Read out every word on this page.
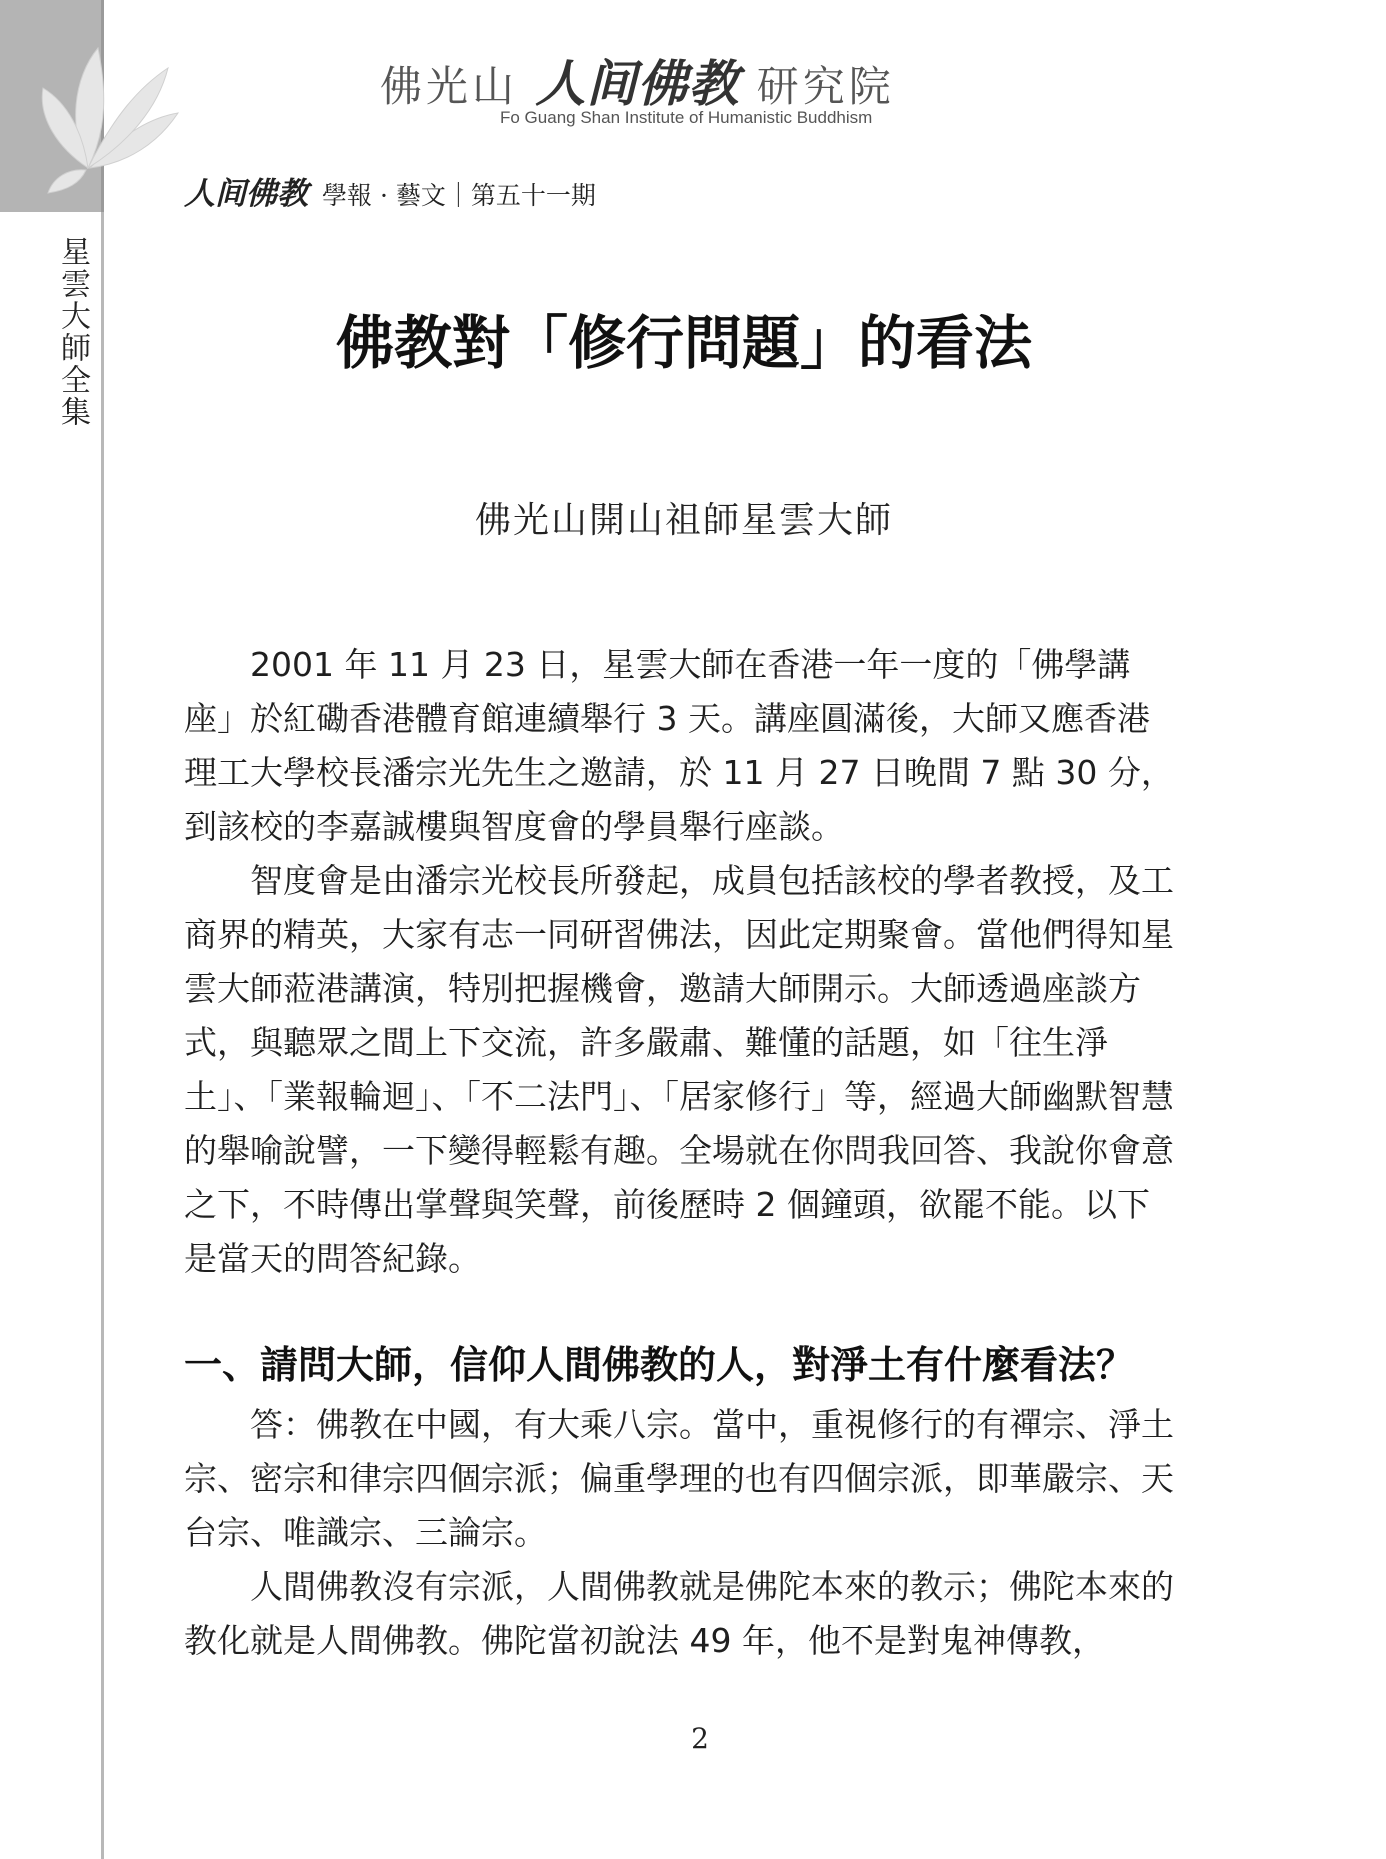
星雲大師全集
佛光山 人间佛教 研究院
Fo Guang Shan Institute of Humanistic Buddhism
人间佛教 學報 · 藝文｜第五十一期
佛教對「修行問題」的看法
佛光山開山祖師星雲大師

2001 年 11 月 23 日，星雲大師在香港一年一度的「佛學講座」於紅磡香港體育館連續舉行 3 天。講座圓滿後，大師又應香港理工大學校長潘宗光先生之邀請，於 11 月 27 日晚間 7 點 30 分，到該校的李嘉誠樓與智度會的學員舉行座談。

智度會是由潘宗光校長所發起，成員包括該校的學者教授，及工商界的精英，大家有志一同研習佛法，因此定期聚會。當他們得知星雲大師蒞港講演，特別把握機會，邀請大師開示。大師透過座談方式，與聽眾之間上下交流，許多嚴肅、難懂的話題，如「往生淨土」、「業報輪迴」、「不二法門」、「居家修行」等，經過大師幽默智慧的舉喻說譬，一下變得輕鬆有趣。全場就在你問我回答、我說你會意之下，不時傳出掌聲與笑聲，前後歷時 2 個鐘頭，欲罷不能。以下是當天的問答紀錄。

一、請問大師，信仰人間佛教的人，對淨土有什麼看法？

答：佛教在中國，有大乘八宗。當中，重視修行的有禪宗、淨土宗、密宗和律宗四個宗派；偏重學理的也有四個宗派，即華嚴宗、天台宗、唯識宗、三論宗。

人間佛教沒有宗派，人間佛教就是佛陀本來的教示；佛陀本來的教化就是人間佛教。佛陀當初說法 49 年，他不是對鬼神傳教，

2
